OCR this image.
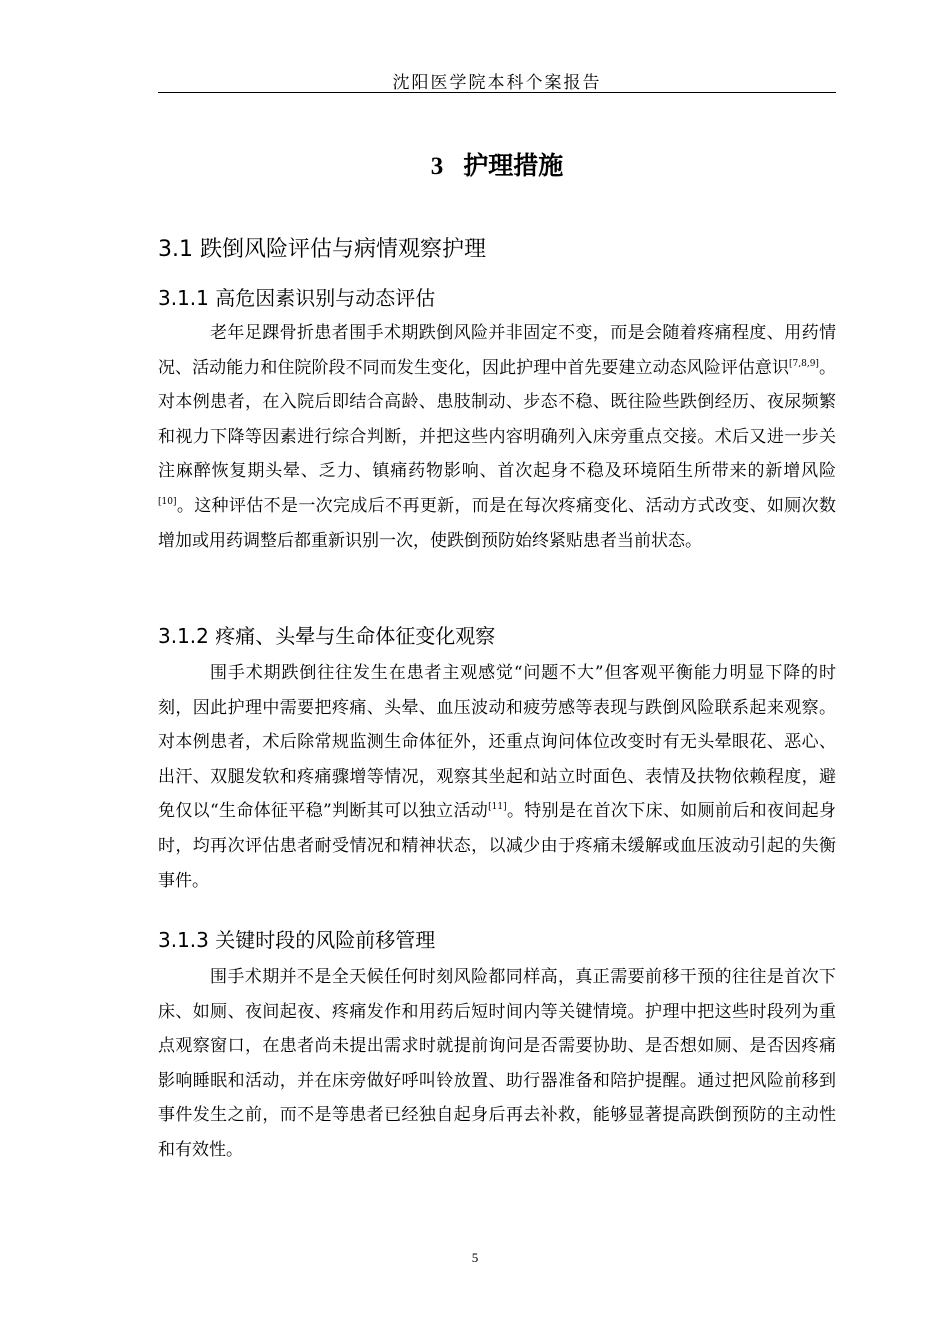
沈阳医学院本科个案报告
3 护理措施
3.1 跌倒风险评估与病情观察护理
3.1.1 高危因素识别与动态评估

老年足踝骨折患者围手术期跌倒风险并非固定不变，而是会随着疼痛程度、用药情况、活动能力和住院阶段不同而发生变化，因此护理中首先要建立动态风险评估意识[7,8,9]。对本例患者，在入院后即结合高龄、患肢制动、步态不稳、既往险些跌倒经历、夜尿频繁和视力下降等因素进行综合判断，并把这些内容明确列入床旁重点交接。术后又进一步关注麻醉恢复期头晕、乏力、镇痛药物影响、首次起身不稳及环境陌生所带来的新增风险[10]。这种评估不是一次完成后不再更新，而是在每次疼痛变化、活动方式改变、如厕次数增加或用药调整后都重新识别一次，使跌倒预防始终紧贴患者当前状态。

3.1.2 疼痛、头晕与生命体征变化观察

围手术期跌倒往往发生在患者主观感觉“问题不大”但客观平衡能力明显下降的时刻，因此护理中需要把疼痛、头晕、血压波动和疲劳感等表现与跌倒风险联系起来观察。对本例患者，术后除常规监测生命体征外，还重点询问体位改变时有无头晕眼花、恶心、出汗、双腿发软和疼痛骤增等情况，观察其坐起和站立时面色、表情及扶物依赖程度，避免仅以“生命体征平稳”判断其可以独立活动[11]。特别是在首次下床、如厕前后和夜间起身时，均再次评估患者耐受情况和精神状态，以减少由于疼痛未缓解或血压波动引起的失衡事件。

3.1.3 关键时段的风险前移管理

围手术期并不是全天候任何时刻风险都同样高，真正需要前移干预的往往是首次下床、如厕、夜间起夜、疼痛发作和用药后短时间内等关键情境。护理中把这些时段列为重点观察窗口，在患者尚未提出需求时就提前询问是否需要协助、是否想如厕、是否因疼痛影响睡眠和活动，并在床旁做好呼叫铃放置、助行器准备和陪护提醒。通过把风险前移到事件发生之前，而不是等患者已经独自起身后再去补救，能够显著提高跌倒预防的主动性和有效性。

5
